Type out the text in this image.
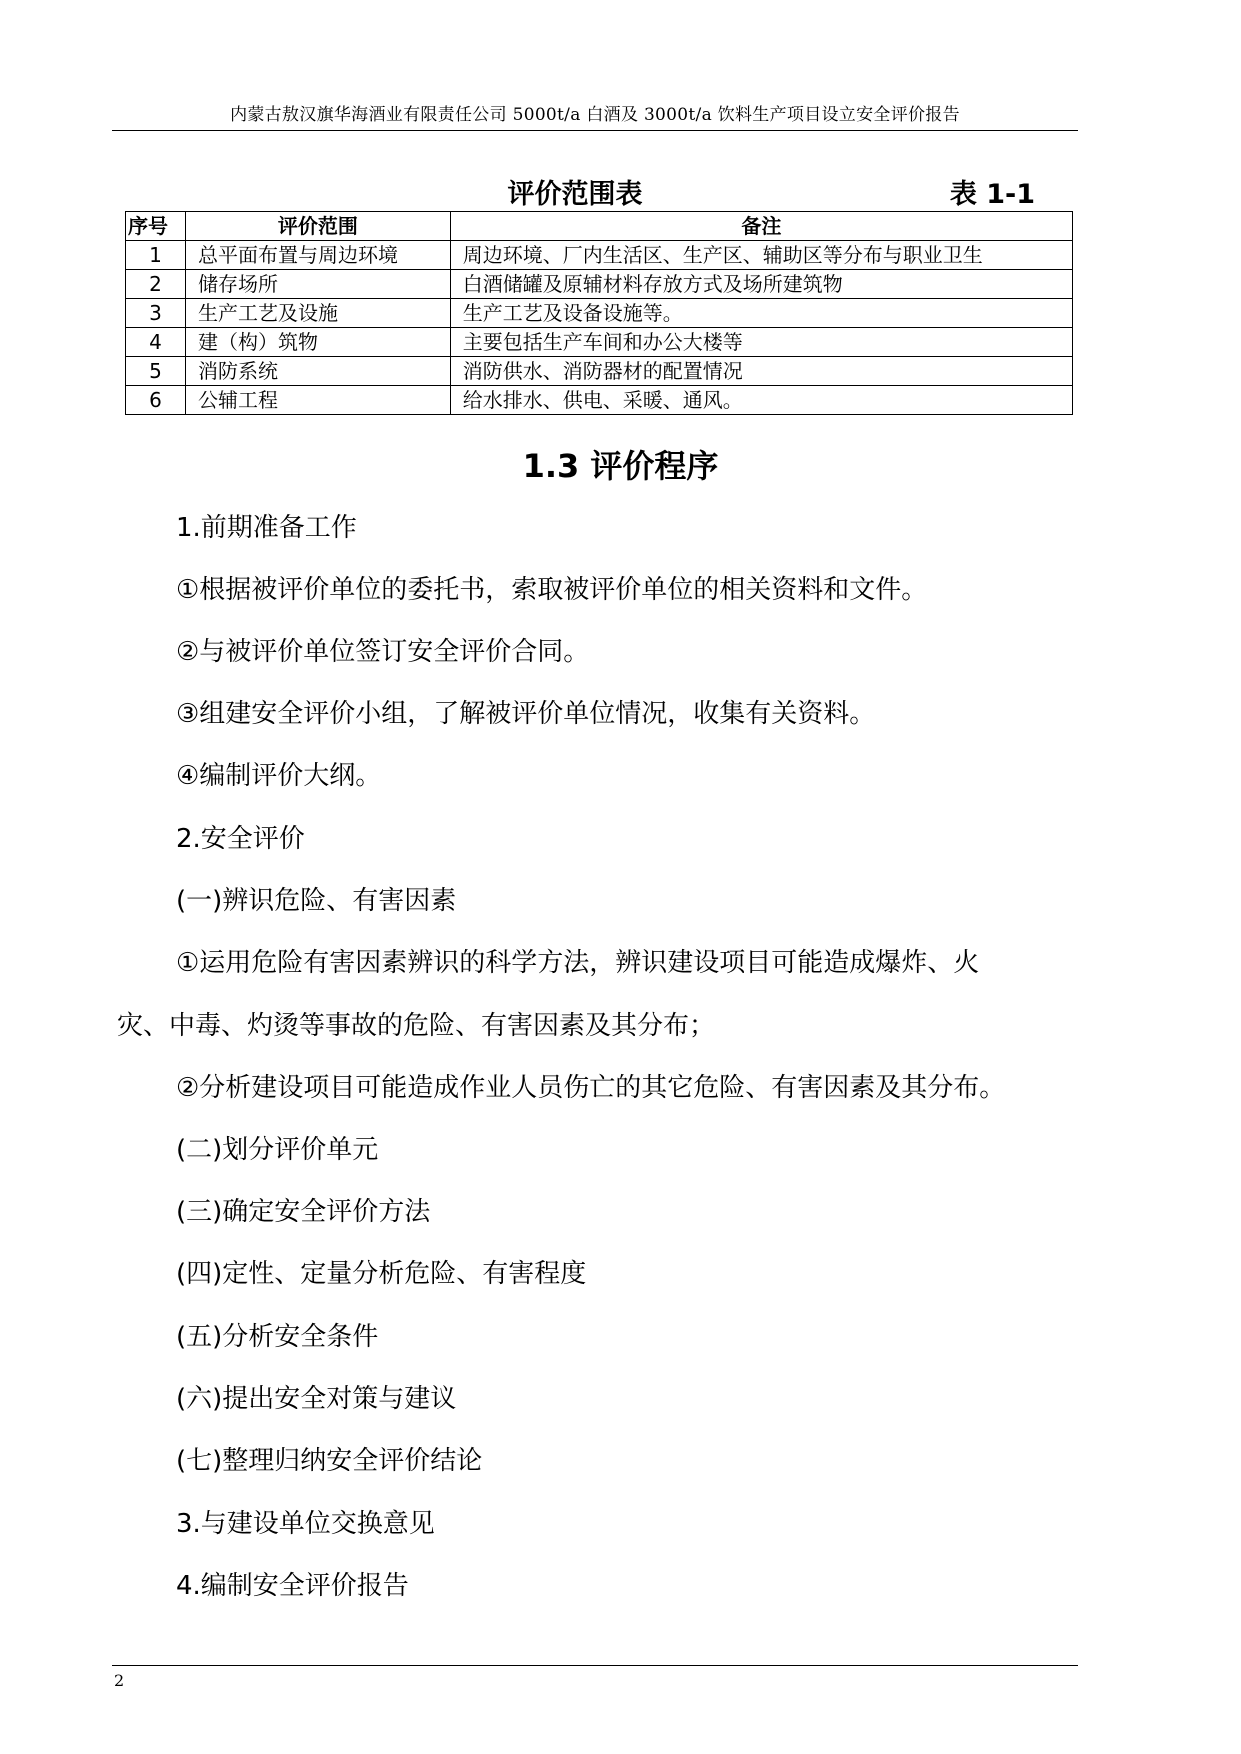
内蒙古敖汉旗华海酒业有限责任公司 5000t/a 白酒及 3000t/a 饮料生产项目设立安全评价报告
评价范围表	表 1-1
序号	评价范围	备注
1	总平面布置与周边环境	周边环境、厂内生活区、生产区、辅助区等分布与职业卫生
2	储存场所	白酒储罐及原辅材料存放方式及场所建筑物
3	生产工艺及设施	生产工艺及设备设施等。
4	建（构）筑物	主要包括生产车间和办公大楼等
5	消防系统	消防供水、消防器材的配置情况
6	公辅工程	给水排水、供电、采暖、通风。
1.3 评价程序
1.前期准备工作
①根据被评价单位的委托书，索取被评价单位的相关资料和文件。
②与被评价单位签订安全评价合同。
③组建安全评价小组，了解被评价单位情况，收集有关资料。
④编制评价大纲。
2.安全评价
(一)辨识危险、有害因素
①运用危险有害因素辨识的科学方法，辨识建设项目可能造成爆炸、火
灾、中毒、灼烫等事故的危险、有害因素及其分布；
②分析建设项目可能造成作业人员伤亡的其它危险、有害因素及其分布。
(二)划分评价单元
(三)确定安全评价方法
(四)定性、定量分析危险、有害程度
(五)分析安全条件
(六)提出安全对策与建议
(七)整理归纳安全评价结论
3.与建设单位交换意见
4.编制安全评价报告
2
